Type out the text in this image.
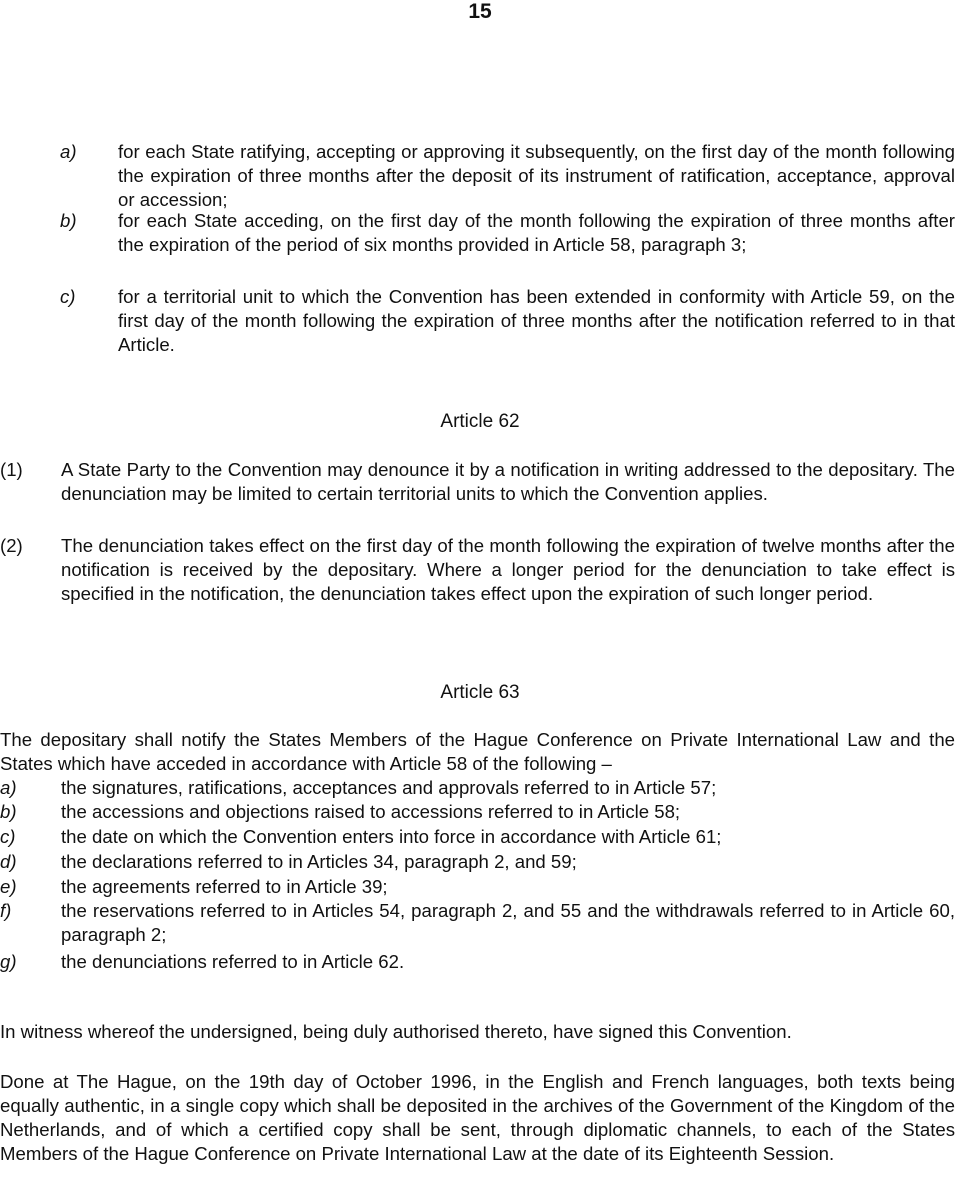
15
a) for each State ratifying, accepting or approving it subsequently, on the first day of the month following the expiration of three months after the deposit of its instrument of ratification, acceptance, approval or accession;
b) for each State acceding, on the first day of the month following the expiration of three months after the expiration of the period of six months provided in Article 58, paragraph 3;
c) for a territorial unit to which the Convention has been extended in conformity with Article 59, on the first day of the month following the expiration of three months after the notification referred to in that Article.
Article 62
(1) A State Party to the Convention may denounce it by a notification in writing addressed to the depositary. The denunciation may be limited to certain territorial units to which the Convention applies.
(2) The denunciation takes effect on the first day of the month following the expiration of twelve months after the notification is received by the depositary. Where a longer period for the denunciation to take effect is specified in the notification, the denunciation takes effect upon the expiration of such longer period.
Article 63
The depositary shall notify the States Members of the Hague Conference on Private International Law and the States which have acceded in accordance with Article 58 of the following –
a) the signatures, ratifications, acceptances and approvals referred to in Article 57;
b) the accessions and objections raised to accessions referred to in Article 58;
c) the date on which the Convention enters into force in accordance with Article 61;
d) the declarations referred to in Articles 34, paragraph 2, and 59;
e) the agreements referred to in Article 39;
f)	the reservations referred to in Articles 54, paragraph 2, and 55 and the withdrawals referred to in Article 60, paragraph 2;
g) the denunciations referred to in Article 62.
In witness whereof the undersigned, being duly authorised thereto, have signed this Convention.
Done at The Hague, on the 19th day of October 1996, in the English and French languages, both texts being equally authentic, in a single copy which shall be deposited in the archives of the Government of the Kingdom of the Netherlands, and of which a certified copy shall be sent, through diplomatic channels, to each of the States Members of the Hague Conference on Private International Law at the date of its Eighteenth Session.
